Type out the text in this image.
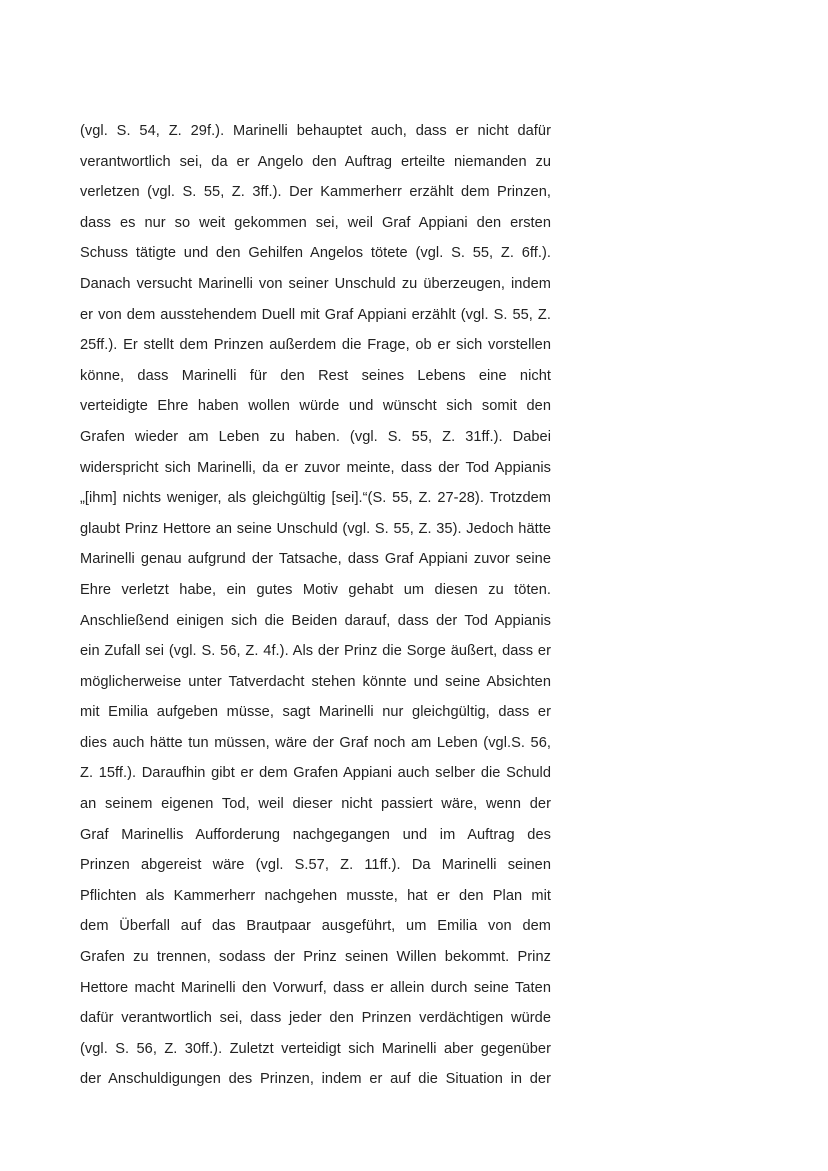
(vgl. S. 54, Z. 29f.). Marinelli behauptet auch, dass er nicht dafür
verantwortlich sei, da er Angelo den Auftrag erteilte niemanden zu
verletzen (vgl. S. 55, Z. 3ff.). Der Kammerherr erzählt dem Prinzen,
dass es nur so weit gekommen sei, weil Graf Appiani den ersten
Schuss tätigte und den Gehilfen Angelos tötete (vgl. S. 55, Z. 6ff.).
Danach versucht Marinelli von seiner Unschuld zu überzeugen, indem
er von dem ausstehendem Duell mit Graf Appiani erzählt (vgl. S. 55, Z.
25ff.). Er stellt dem Prinzen außerdem die Frage, ob er sich vorstellen
könne, dass Marinelli für den Rest seines Lebens eine nicht
verteidigte Ehre haben wollen würde und wünscht sich somit den
Grafen wieder am Leben zu haben. (vgl. S. 55, Z. 31ff.). Dabei
widerspricht sich Marinelli, da er zuvor meinte, dass der Tod Appianis
„[ihm] nichts weniger, als gleichgültig [sei].“(S. 55, Z. 27-28). Trotzdem
glaubt Prinz Hettore an seine Unschuld (vgl. S. 55, Z. 35). Jedoch hätte
Marinelli genau aufgrund der Tatsache, dass Graf Appiani zuvor seine
Ehre verletzt habe, ein gutes Motiv gehabt um diesen zu töten.
Anschließend einigen sich die Beiden darauf, dass der Tod Appianis
ein Zufall sei (vgl. S. 56, Z. 4f.). Als der Prinz die Sorge äußert, dass er
möglicherweise unter Tatverdacht stehen könnte und seine Absichten
mit Emilia aufgeben müsse, sagt Marinelli nur gleichgültig, dass er
dies auch hätte tun müssen, wäre der Graf noch am Leben (vgl.S. 56,
Z. 15ff.). Daraufhin gibt er dem Grafen Appiani auch selber die Schuld
an seinem eigenen Tod, weil dieser nicht passiert wäre, wenn der
Graf Marinellis Aufforderung nachgegangen und im Auftrag des
Prinzen abgereist wäre (vgl. S.57, Z. 11ff.). Da Marinelli seinen
Pflichten als Kammerherr nachgehen musste, hat er den Plan mit
dem Überfall auf das Brautpaar ausgeführt, um Emilia von dem
Grafen zu trennen, sodass der Prinz seinen Willen bekommt. Prinz
Hettore macht Marinelli den Vorwurf, dass er allein durch seine Taten
dafür verantwortlich sei, dass jeder den Prinzen verdächtigen würde
(vgl. S. 56, Z. 30ff.). Zuletzt verteidigt sich Marinelli aber gegenüber
der Anschuldigungen des Prinzen, indem er auf die Situation in der
